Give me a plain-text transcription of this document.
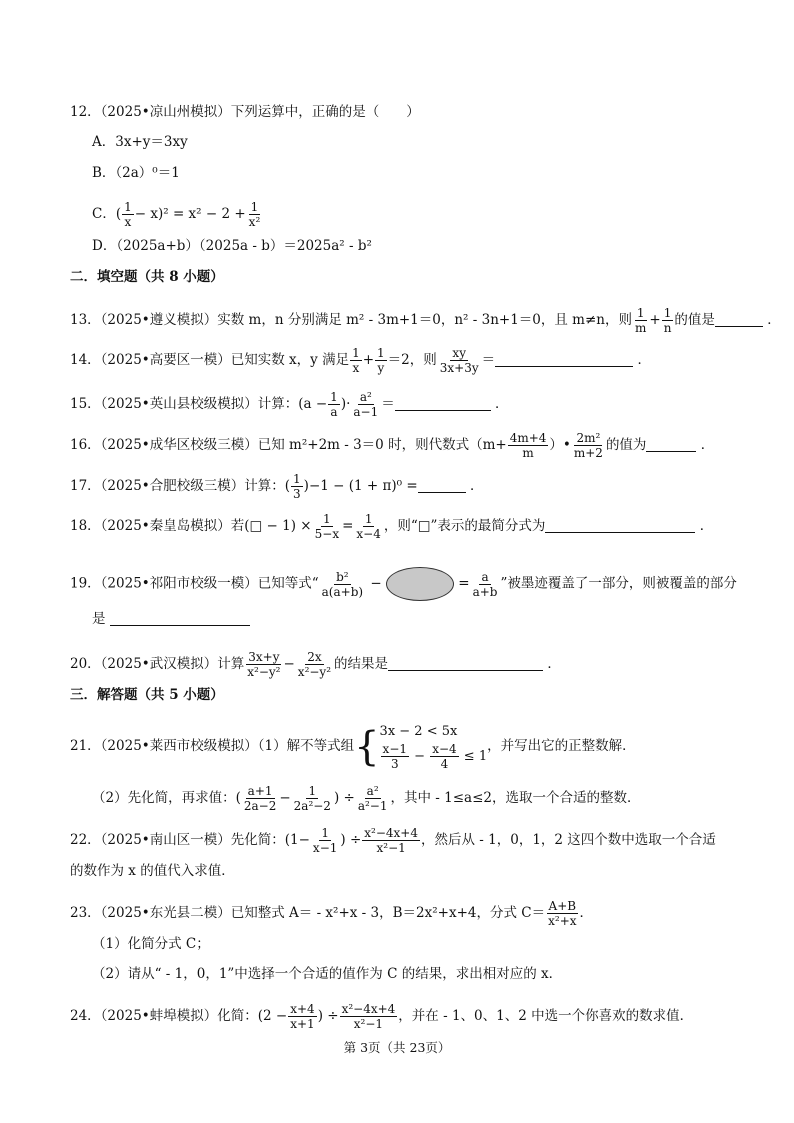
12．（2025•凉山州模拟）下列运算中，正确的是（　　）
A．3x+y＝3xy
B．（2a）⁰＝1
C．( $\frac{1}{x} - x)^2 = x^2 - 2 + \frac{1}{\text{x²}}$
D．（2025a+b）（2025a - b）＝2025a² - b²
二．填空题（共 8 小题）
13．（2025•遵义模拟）实数 m，n 分别满足 m² - 3m+1＝0，n² - 3n+1＝0，且 m≠n，则 $\frac{1}{m} + \frac{1}{n}$ 的值是	．
14．（2025•高要区一模）已知实数 x，y 满足 $\frac{1}{x} + \frac{1}{y} =2$，则 $\frac{xy}{3x+3y}$ ＝	．
15．（2025•英山县校级模拟）计算：($a - \frac{1}{a}$ )· $\frac{\text{a²}}{a-1}$ ＝	．
16．（2025•成华区校级三模）已知 m²+2m - 3＝0 时，则代数式（$m+ \frac{4m+4}{m}$ ）• $\frac{\text{2m²}}{m+2}$ 的值为	．
17．（2025•合肥校级三模）计算：( $\frac{1}{3} )-1 - (1 + \pi)^0$ =	．
18．（2025•秦皇岛模拟）若(□ − $1) \times \frac{1}{5-x} = \frac{1}{x-4}$ ，则“□”表示的最简分式为	．
19．（2025•祁阳市校级一模）已知等式“ $\frac{\text{b²}}{a(a+b)}$ −	= $\frac{a}{a+b}$ ”被墨迹覆盖了一部分，则被覆盖的部分
是
20．（2025•武汉模拟）计算 $\frac{3x+y}{\text{x²−y²}} - \frac{2x}{\text{x²−y²}}$ 的结果是	．
三．解答题（共 5 小题）
21．（2025•莱西市校级模拟）（1）解不等式组{ 3x − 2 < 5x
$\frac{x-1}{3} - \frac{x-4}{4} \le 1$
，并写出它的正整数解．
（2）先化简，再求值：( $\frac{a+1}{2a-2} - \frac{1}{\text{2a²−2}}$ ) ÷ $\frac{\text{a²}}{\text{a²−1}}$ ，其中 - 1≤a≤2，选取一个合适的整数．
22．（2025•南山区一模）先化简：($1- \frac{1}{x-1}$ ) ÷ $\frac{\text{x²−4x+4}}{\text{x²−1}}$ ，然后从 - 1，0，1，2 这四个数中选取一个合适
的数作为 x 的值代入求值．
23．（2025•东光县二模）已知整式 A＝ - x²+x - 3，B＝2x²+x+4，分式 $C= \frac{A+B}{\text{x²+x}}$ ．
（1）化简分式 C；
（2）请从“ - 1，0，1”中选择一个合适的值作为 C 的结果，求出相对应的 x．
24．（2025•蚌埠模拟）化简：($2 - \frac{x+4}{x+1}$ ) ÷ $\frac{\text{x²−4x+4}}{\text{x²−1}}$ ，并在 - 1、0、1、2 中选一个你喜欢的数求值．
第 3页（共 23页）
